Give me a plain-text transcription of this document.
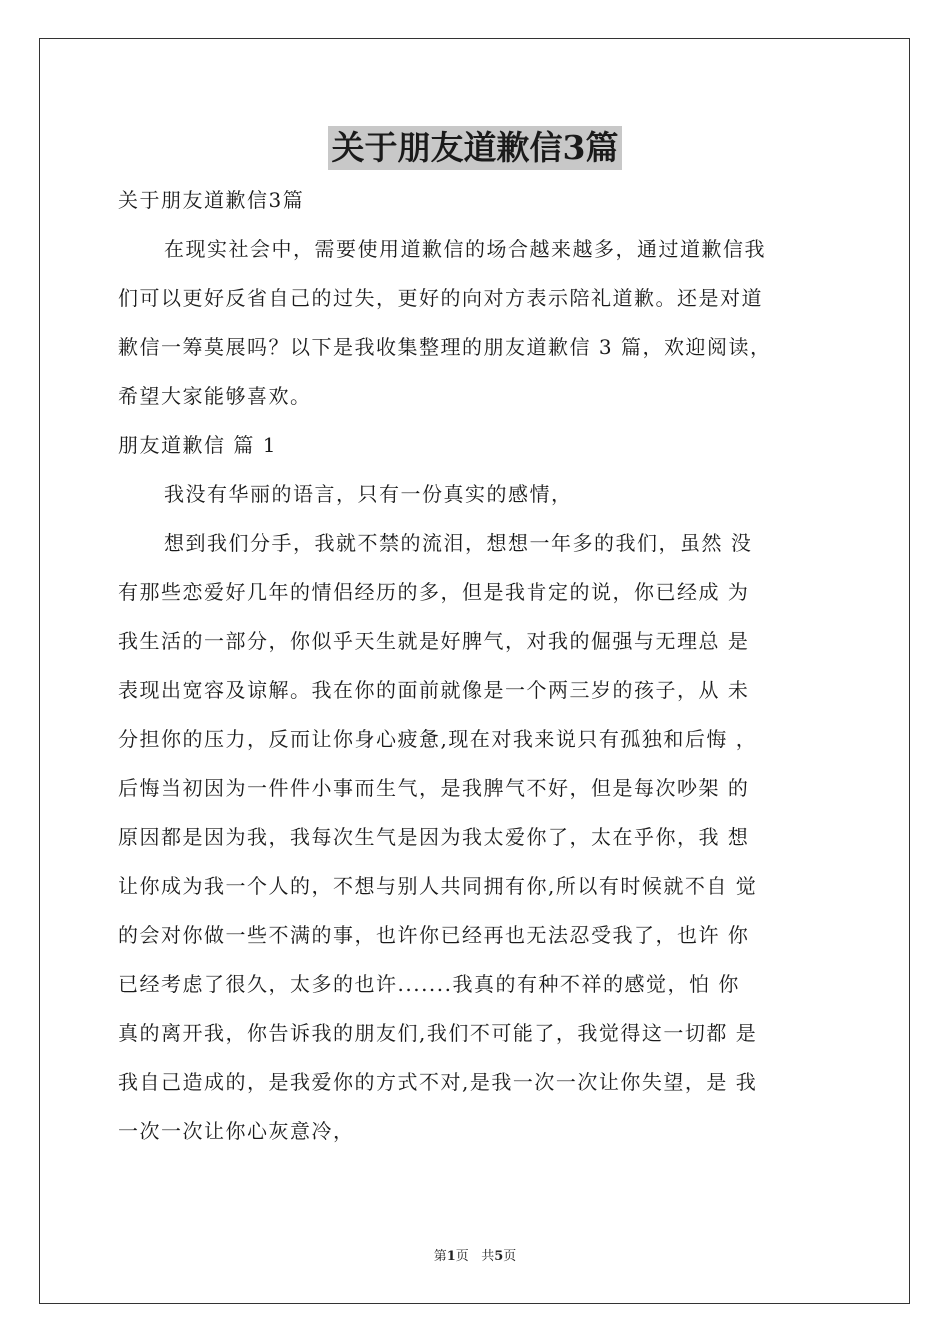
关于朋友道歉信3篇
关于朋友道歉信3篇
在现实社会中，需要使用道歉信的场合越来越多，通过道歉信我
们可以更好反省自己的过失，更好的向对方表示陪礼道歉。还是对道
歉信一筹莫展吗？以下是我收集整理的朋友道歉信 3 篇，欢迎阅读，
希望大家能够喜欢。
朋友道歉信 篇 1
我没有华丽的语言，只有一份真实的感情，
想到我们分手，我就不禁的流泪，想想一年多的我们，虽然 没
有那些恋爱好几年的情侣经历的多，但是我肯定的说，你已经成 为
我生活的一部分，你似乎天生就是好脾气，对我的倔强与无理总 是
表现出宽容及谅解。我在你的面前就像是一个两三岁的孩子，从 未
分担你的压力，反而让你身心疲惫,现在对我来说只有孤独和后悔 ，
后悔当初因为一件件小事而生气，是我脾气不好，但是每次吵架 的
原因都是因为我，我每次生气是因为我太爱你了，太在乎你，我 想
让你成为我一个人的，不想与别人共同拥有你,所以有时候就不自 觉
的会对你做一些不满的事，也许你已经再也无法忍受我了，也许 你
已经考虑了很久，太多的也许.......我真的有种不祥的感觉，怕 你
真的离开我，你告诉我的朋友们,我们不可能了，我觉得这一切都 是
我自己造成的，是我爱你的方式不对,是我一次一次让你失望，是 我
一次一次让你心灰意冷，
第1页 共5页
